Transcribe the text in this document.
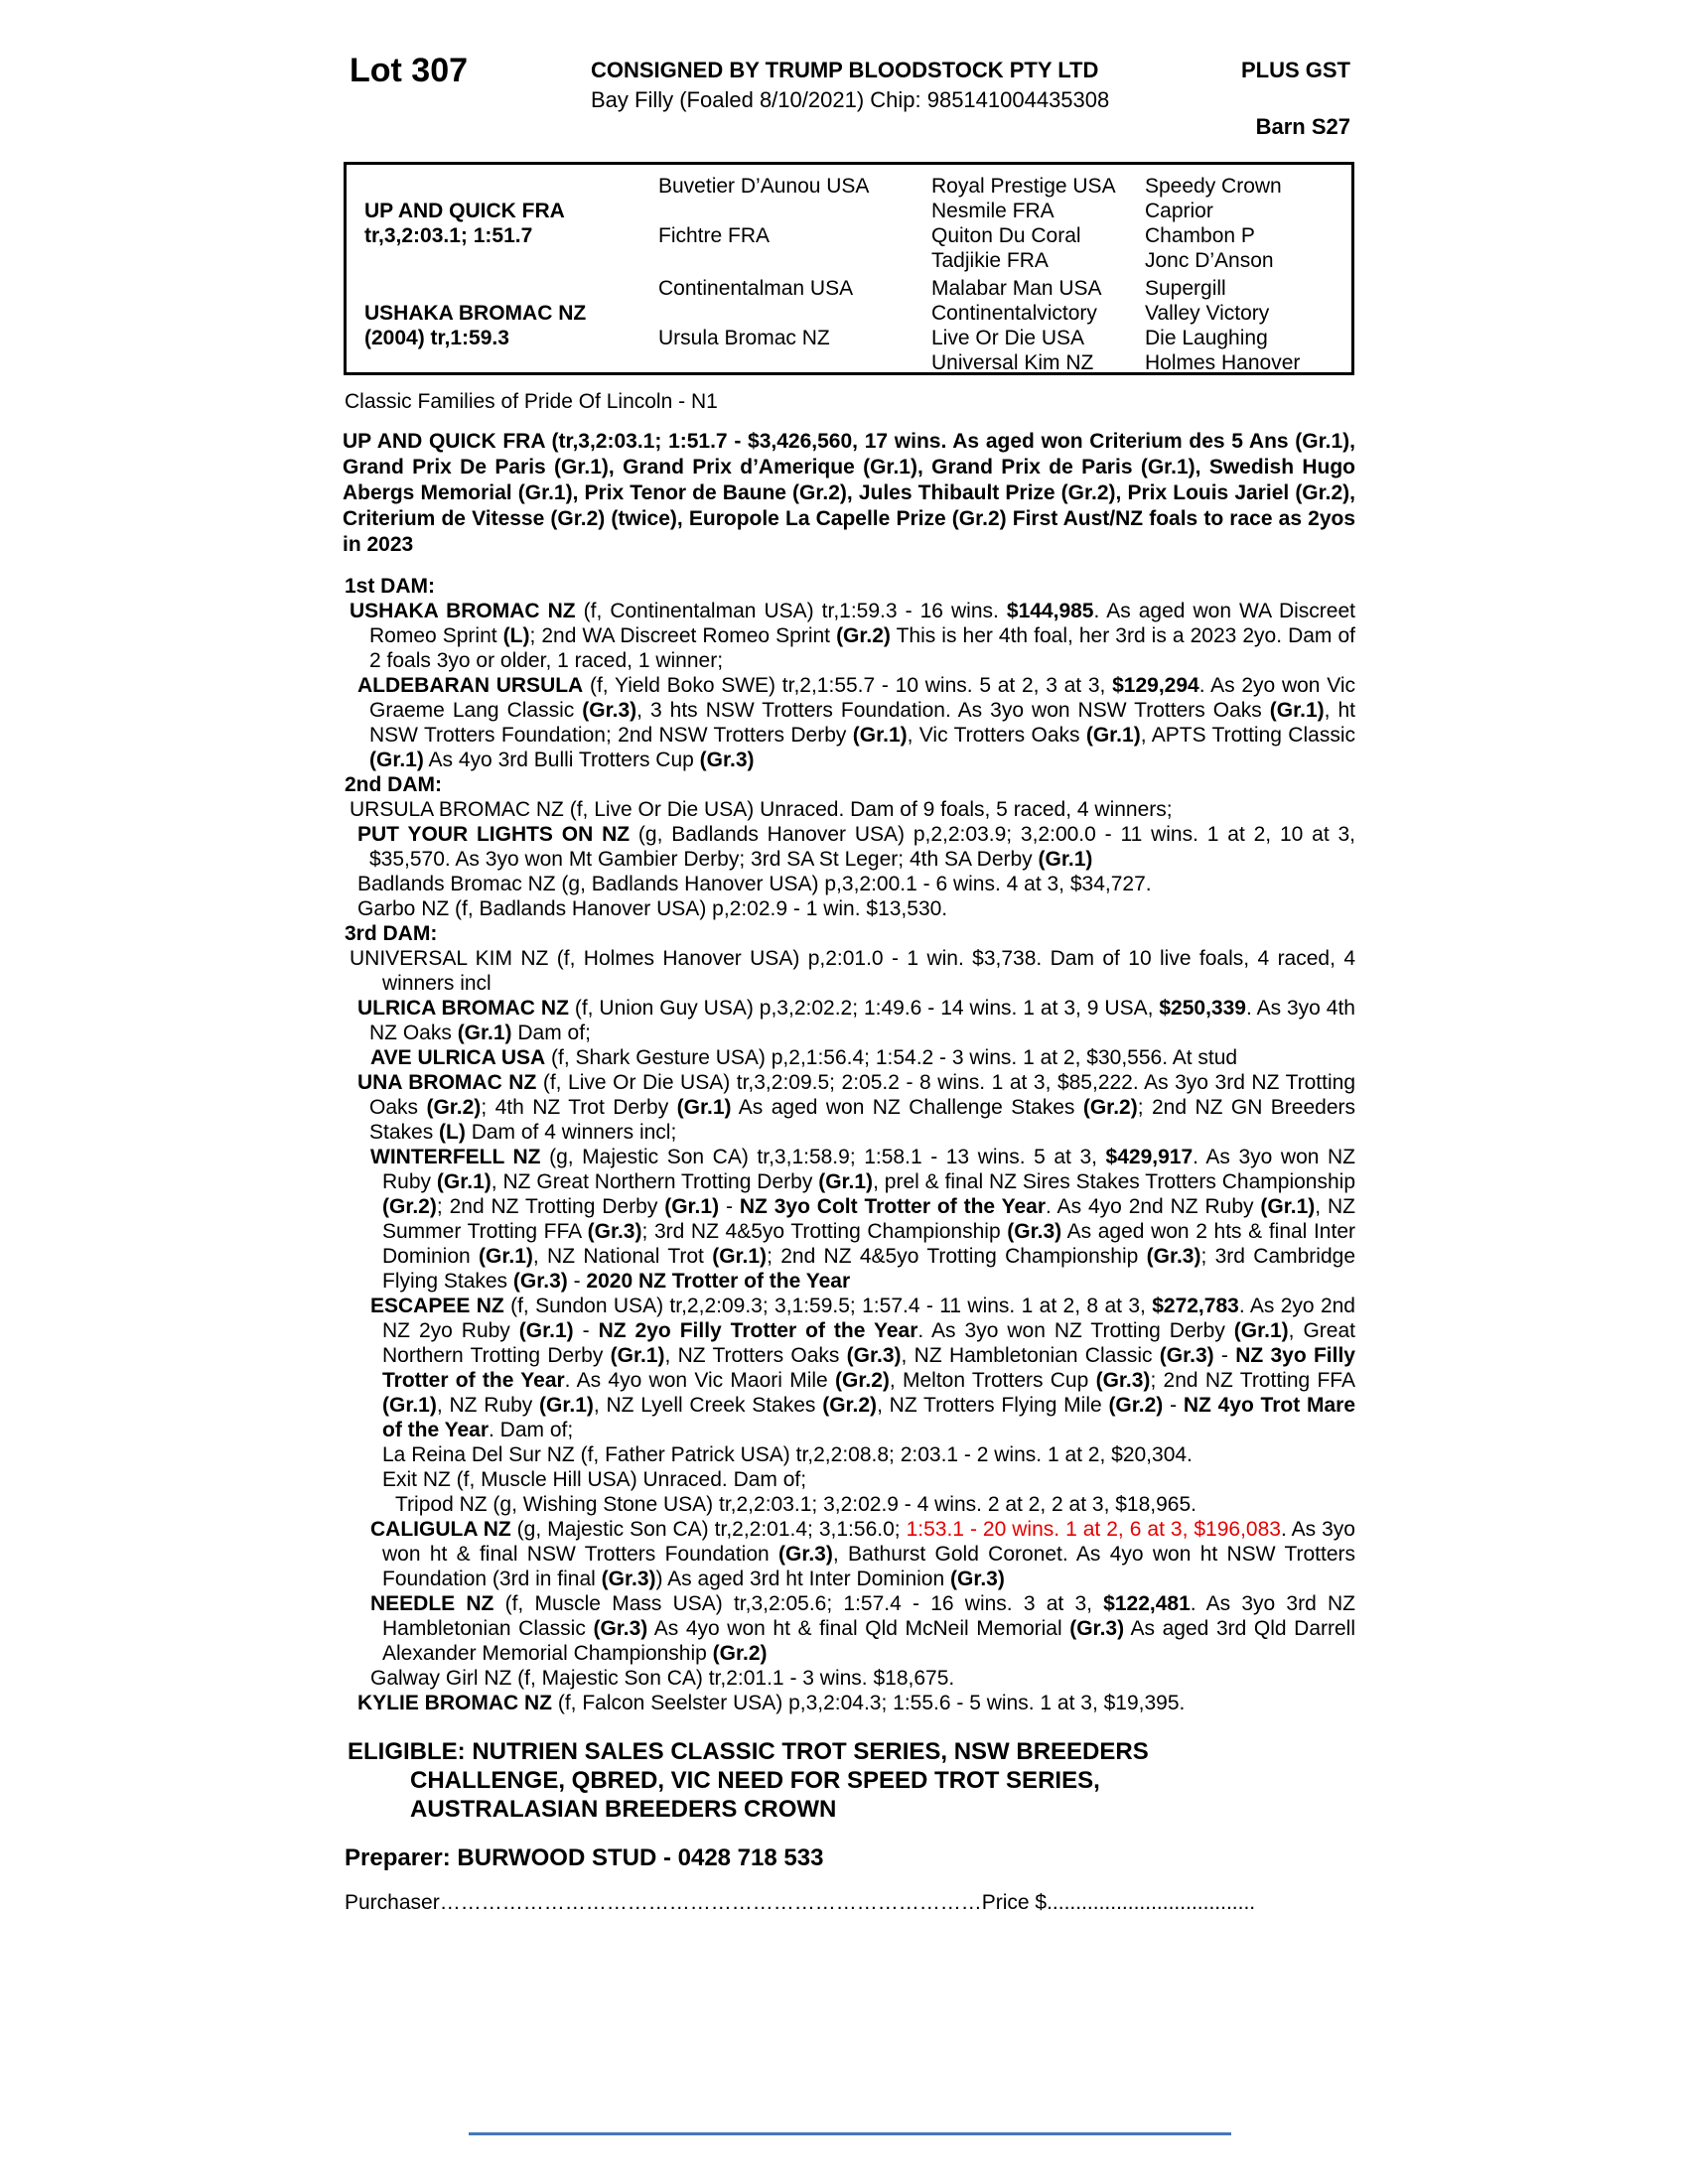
Lot 307	CONSIGNED BY TRUMP BLOODSTOCK PTY LTD	PLUS GST
Bay Filly (Foaled 8/10/2021) Chip: 985141004435308
Barn S27
UP AND QUICK FRA
tr,3,2:03.1; 1:51.7
Buvetier D’Aunou USA
Fichtre FRA
Royal Prestige USA
Nesmile FRA
Quiton Du Coral
Tadjikie FRA
Speedy Crown
Caprior
Chambon P
Jonc D’Anson
USHAKA BROMAC NZ
(2004) tr,1:59.3
Continentalman USA
Ursula Bromac NZ
Malabar Man USA
Continentalvictory
Live Or Die USA
Universal Kim NZ
Supergill
Valley Victory
Die Laughing
Holmes Hanover
Classic Families of Pride Of Lincoln - N1
UP AND QUICK FRA (tr,3,2:03.1; 1:51.7 - $3,426,560, 17 wins. As aged won Criterium des 5 Ans (Gr.1), Grand Prix De Paris (Gr.1), Grand Prix d’Amerique (Gr.1), Grand Prix de Paris (Gr.1), Swedish Hugo Abergs Memorial (Gr.1), Prix Tenor de Baune (Gr.2), Jules Thibault Prize (Gr.2), Prix Louis Jariel (Gr.2), Criterium de Vitesse (Gr.2) (twice), Europole La Capelle Prize (Gr.2) First Aust/NZ foals to race as 2yos in 2023

1st DAM:

USHAKA BROMAC NZ (f, Continentalman USA) tr,1:59.3 - 16 wins. $144,985. As aged won WA Discreet Romeo Sprint (L); 2nd WA Discreet Romeo Sprint (Gr.2) This is her 4th foal, her 3rd is a 2023 2yo. Dam of 2 foals 3yo or older, 1 raced, 1 winner;

ALDEBARAN URSULA (f, Yield Boko SWE) tr,2,1:55.7 - 10 wins. 5 at 2, 3 at 3, $129,294. As 2yo won Vic Graeme Lang Classic (Gr.3), 3 hts NSW Trotters Foundation. As 3yo won NSW Trotters Oaks (Gr.1), ht NSW Trotters Foundation; 2nd NSW Trotters Derby (Gr.1), Vic Trotters Oaks (Gr.1), APTS Trotting Classic (Gr.1) As 4yo 3rd Bulli Trotters Cup (Gr.3)

2nd DAM:

URSULA BROMAC NZ (f, Live Or Die USA) Unraced. Dam of 9 foals, 5 raced, 4 winners;

PUT YOUR LIGHTS ON NZ (g, Badlands Hanover USA) p,2,2:03.9; 3,2:00.0 - 11 wins. 1 at 2, 10 at 3, $35,570. As 3yo won Mt Gambier Derby; 3rd SA St Leger; 4th SA Derby (Gr.1)

Badlands Bromac NZ (g, Badlands Hanover USA) p,3,2:00.1 - 6 wins. 4 at 3, $34,727.

Garbo NZ (f, Badlands Hanover USA) p,2:02.9 - 1 win. $13,530.

3rd DAM:

UNIVERSAL KIM NZ (f, Holmes Hanover USA) p,2:01.0 - 1 win. $3,738. Dam of 10 live foals, 4 raced, 4 winners incl

ULRICA BROMAC NZ (f, Union Guy USA) p,3,2:02.2; 1:49.6 - 14 wins. 1 at 3, 9 USA, $250,339. As 3yo 4th NZ Oaks (Gr.1) Dam of;

AVE ULRICA USA (f, Shark Gesture USA) p,2,1:56.4; 1:54.2 - 3 wins. 1 at 2, $30,556. At stud

UNA BROMAC NZ (f, Live Or Die USA) tr,3,2:09.5; 2:05.2 - 8 wins. 1 at 3, $85,222. As 3yo 3rd NZ Trotting Oaks (Gr.2); 4th NZ Trot Derby (Gr.1) As aged won NZ Challenge Stakes (Gr.2); 2nd NZ GN Breeders Stakes (L) Dam of 4 winners incl;

WINTERFELL NZ (g, Majestic Son CA) tr,3,1:58.9; 1:58.1 - 13 wins. 5 at 3, $429,917. As 3yo won NZ Ruby (Gr.1), NZ Great Northern Trotting Derby (Gr.1), prel & final NZ Sires Stakes Trotters Championship (Gr.2); 2nd NZ Trotting Derby (Gr.1) - NZ 3yo Colt Trotter of the Year. As 4yo 2nd NZ Ruby (Gr.1), NZ Summer Trotting FFA (Gr.3); 3rd NZ 4&5yo Trotting Championship (Gr.3) As aged won 2 hts & final Inter Dominion (Gr.1), NZ National Trot (Gr.1); 2nd NZ 4&5yo Trotting Championship (Gr.3); 3rd Cambridge Flying Stakes (Gr.3) - 2020 NZ Trotter of the Year

ESCAPEE NZ (f, Sundon USA) tr,2,2:09.3; 3,1:59.5; 1:57.4 - 11 wins. 1 at 2, 8 at 3, $272,783. As 2yo 2nd NZ 2yo Ruby (Gr.1) - NZ 2yo Filly Trotter of the Year. As 3yo won NZ Trotting Derby (Gr.1), Great Northern Trotting Derby (Gr.1), NZ Trotters Oaks (Gr.3), NZ Hambletonian Classic (Gr.3) - NZ 3yo Filly Trotter of the Year. As 4yo won Vic Maori Mile (Gr.2), Melton Trotters Cup (Gr.3); 2nd NZ Trotting FFA (Gr.1), NZ Ruby (Gr.1), NZ Lyell Creek Stakes (Gr.2), NZ Trotters Flying Mile (Gr.2) - NZ 4yo Trot Mare of the Year. Dam of;

La Reina Del Sur NZ (f, Father Patrick USA) tr,2,2:08.8; 2:03.1 - 2 wins. 1 at 2, $20,304.

Exit NZ (f, Muscle Hill USA) Unraced. Dam of;

Tripod NZ (g, Wishing Stone USA) tr,2,2:03.1; 3,2:02.9 - 4 wins. 2 at 2, 2 at 3, $18,965.

CALIGULA NZ (g, Majestic Son CA) tr,2,2:01.4; 3,1:56.0; 1:53.1 - 20 wins. 1 at 2, 6 at 3, $196,083. As 3yo won ht & final NSW Trotters Foundation (Gr.3), Bathurst Gold Coronet. As 4yo won ht NSW Trotters Foundation (3rd in final (Gr.3)) As aged 3rd ht Inter Dominion (Gr.3)

NEEDLE NZ (f, Muscle Mass USA) tr,3,2:05.6; 1:57.4 - 16 wins. 3 at 3, $122,481. As 3yo 3rd NZ Hambletonian Classic (Gr.3) As 4yo won ht & final Qld McNeil Memorial (Gr.3) As aged 3rd Qld Darrell Alexander Memorial Championship (Gr.2)

Galway Girl NZ (f, Majestic Son CA) tr,2:01.1 - 3 wins. $18,675.

KYLIE BROMAC NZ (f, Falcon Seelster USA) p,3,2:04.3; 1:55.6 - 5 wins. 1 at 3, $19,395.

ELIGIBLE: NUTRIEN SALES CLASSIC TROT SERIES, NSW BREEDERS
CHALLENGE, QBRED, VIC NEED FOR SPEED TROT SERIES,
AUSTRALASIAN BREEDERS CROWN
Preparer: BURWOOD STUD - 0428 718 533
Purchaser……………………………………………………………………Price $....................................
